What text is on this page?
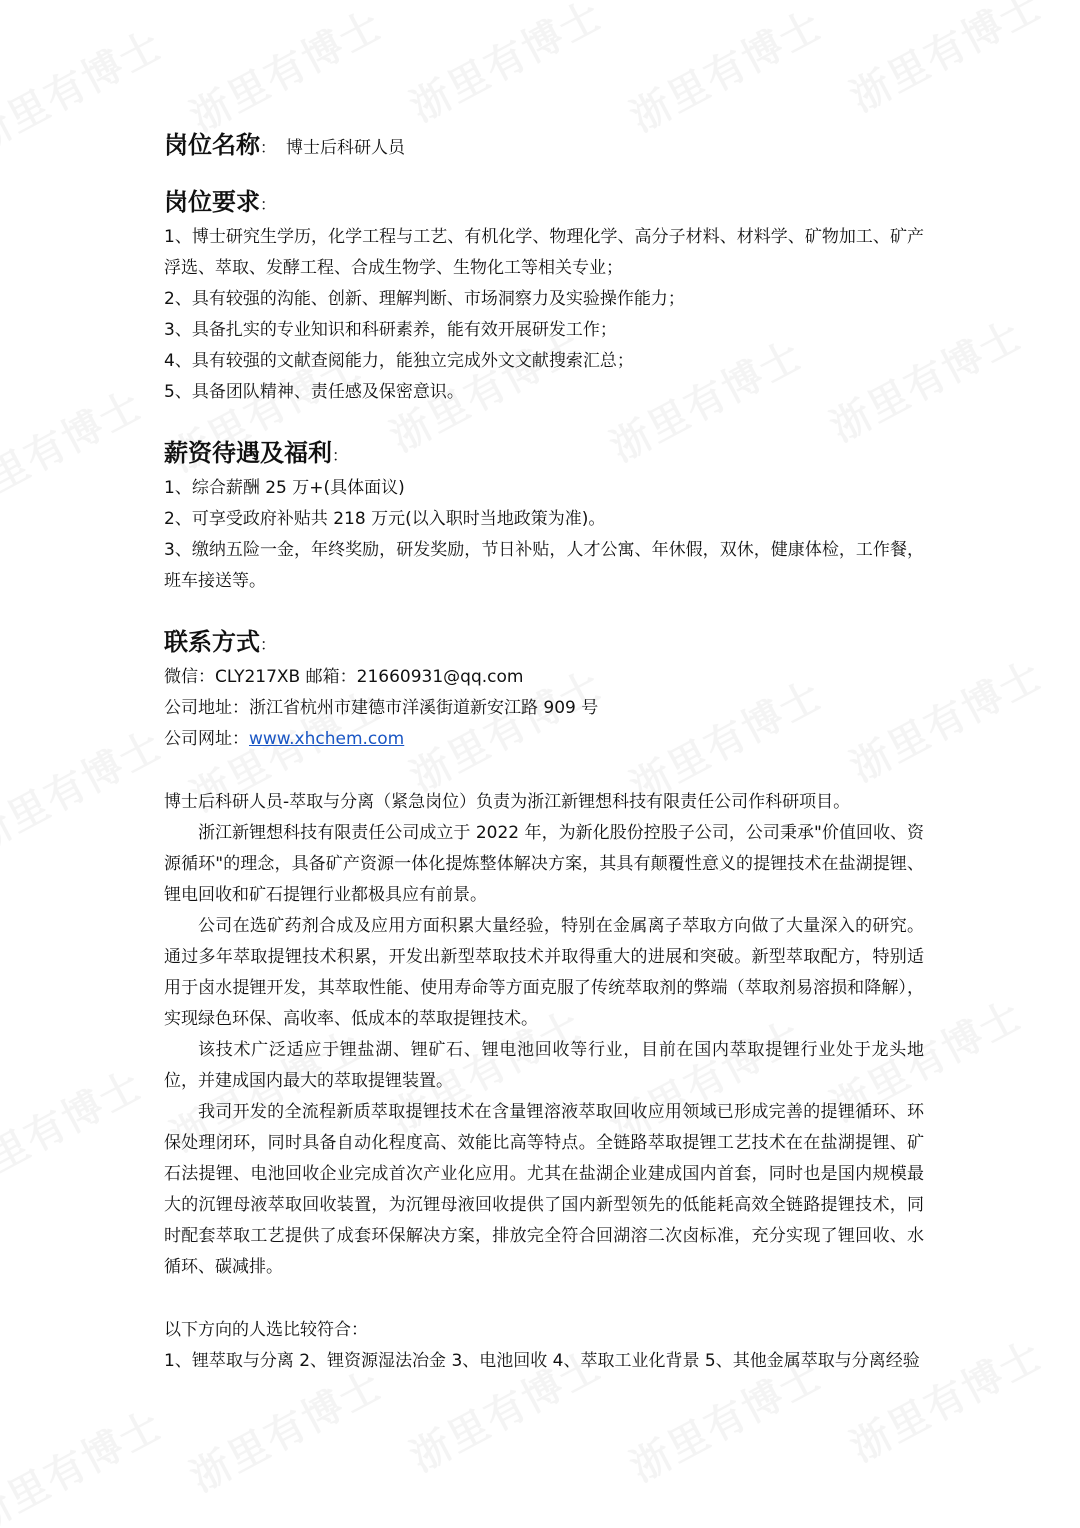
岗位名称： 博士后科研人员
岗位要求：

1、博士研究生学历，化学工程与工艺、有机化学、物理化学、高分子材料、材料学、矿物加工、矿产浮选、萃取、发酵工程、合成生物学、生物化工等相关专业；

2、具有较强的沟能、创新、理解判断、市场洞察力及实验操作能力；

3、具备扎实的专业知识和科研素养，能有效开展研发工作；

4、具有较强的文献查阅能力，能独立完成外文文献搜索汇总；

5、具备团队精神、责任感及保密意识。

薪资待遇及福利：

1、综合薪酬 25 万+(具体面议)

2、可享受政府补贴共 218 万元(以入职时当地政策为准)。

3、缴纳五险一金，年终奖励，研发奖励，节日补贴，人才公寓、年休假，双休，健康体检，工作餐，班车接送等。

联系方式：

微信：CLY217XB 邮箱：21660931@qq.com

公司地址：浙江省杭州市建德市洋溪街道新安江路 909 号

公司网址：www.xhchem.com

博士后科研人员-萃取与分离（紧急岗位）负责为浙江新锂想科技有限责任公司作科研项目。

浙江新锂想科技有限责任公司成立于 2022 年，为新化股份控股子公司，公司秉承"价值回收、资源循环"的理念，具备矿产资源一体化提炼整体解决方案，其具有颠覆性意义的提锂技术在盐湖提锂、锂电回收和矿石提锂行业都极具应有前景。

公司在选矿药剂合成及应用方面积累大量经验，特别在金属离子萃取方向做了大量深入的研究。通过多年萃取提锂技术积累，开发出新型萃取技术并取得重大的进展和突破。新型萃取配方，特别适用于卤水提锂开发，其萃取性能、使用寿命等方面克服了传统萃取剂的弊端（萃取剂易溶损和降解），实现绿色环保、高收率、低成本的萃取提锂技术。

该技术广泛适应于锂盐湖、锂矿石、锂电池回收等行业，目前在国内萃取提锂行业处于龙头地位，并建成国内最大的萃取提锂装置。

我司开发的全流程新质萃取提锂技术在含量锂溶液萃取回收应用领域已形成完善的提锂循环、环保处理闭环，同时具备自动化程度高、效能比高等特点。全链路萃取提锂工艺技术在在盐湖提锂、矿石法提锂、电池回收企业完成首次产业化应用。尤其在盐湖企业建成国内首套，同时也是国内规模最大的沉锂母液萃取回收装置，为沉锂母液回收提供了国内新型领先的低能耗高效全链路提锂技术，同时配套萃取工艺提供了成套环保解决方案，排放完全符合回湖溶二次卤标准，充分实现了锂回收、水循环、碳减排。

以下方向的人选比较符合：

1、锂萃取与分离 2、锂资源湿法冶金 3、电池回收 4、萃取工业化背景 5、其他金属萃取与分离经验
